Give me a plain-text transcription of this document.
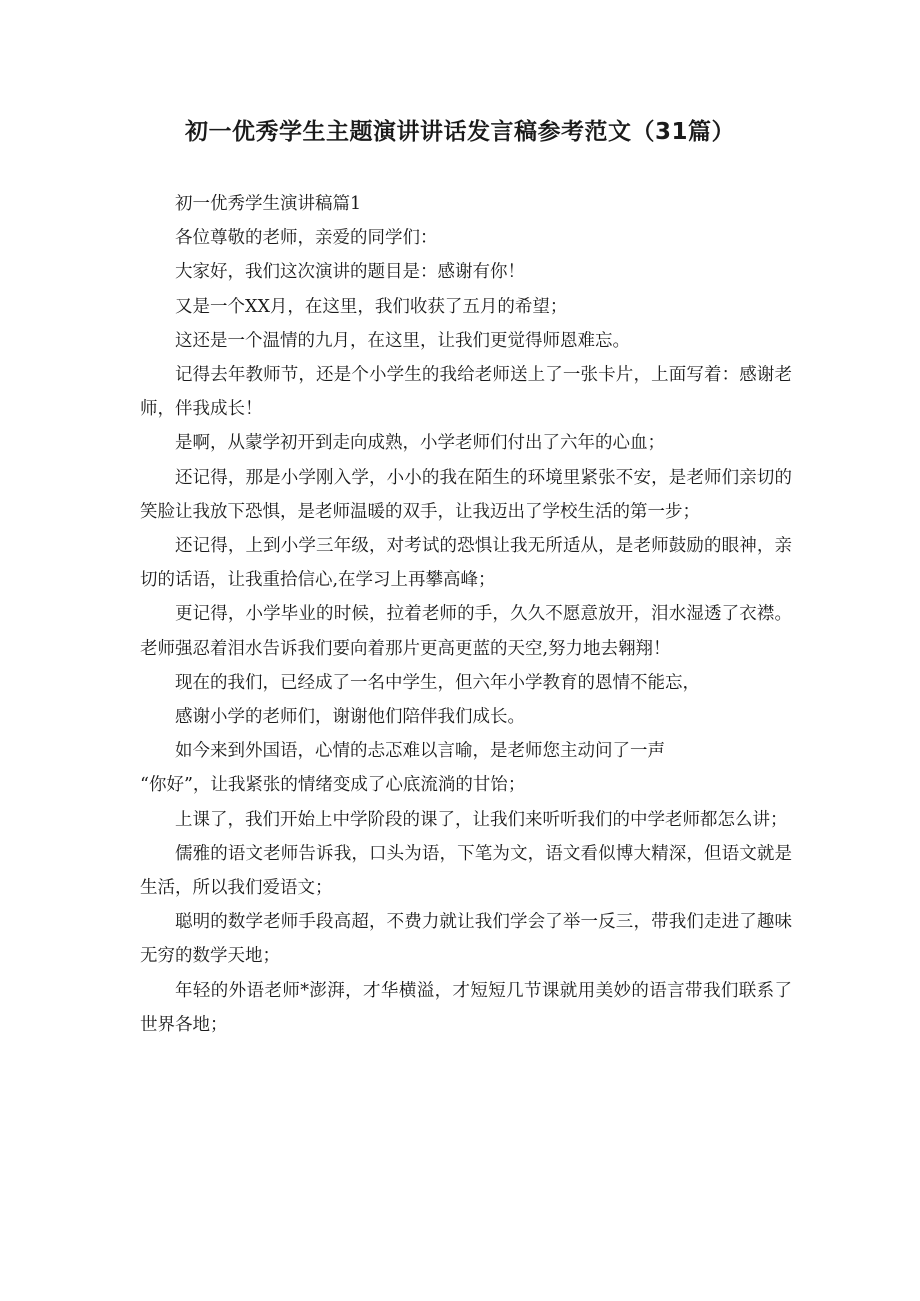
初一优秀学生主题演讲讲话发言稿参考范文（31篇）

初一优秀学生演讲稿篇1

各位尊敬的老师，亲爱的同学们：

大家好，我们这次演讲的题目是：感谢有你！

又是一个XX月，在这里，我们收获了五月的希望；

这还是一个温情的九月，在这里，让我们更觉得师恩难忘。

记得去年教师节，还是个小学生的我给老师送上了一张卡片，上面写着：感谢老师，伴我成长！

是啊，从蒙学初开到走向成熟，小学老师们付出了六年的心血；

还记得，那是小学刚入学，小小的我在陌生的环境里紧张不安，是老师们亲切的笑脸让我放下恐惧，是老师温暖的双手，让我迈出了学校生活的第一步；

还记得，上到小学三年级，对考试的恐惧让我无所适从，是老师鼓励的眼神，亲切的话语，让我重拾信心,在学习上再攀高峰；

更记得，小学毕业的时候，拉着老师的手，久久不愿意放开，泪水湿透了衣襟。老师强忍着泪水告诉我们要向着那片更高更蓝的天空,努力地去翱翔！

现在的我们，已经成了一名中学生，但六年小学教育的恩情不能忘，

感谢小学的老师们，谢谢他们陪伴我们成长。

如今来到外国语，心情的忐忑难以言喻，是老师您主动问了一声

“你好”，让我紧张的情绪变成了心底流淌的甘饴；

上课了，我们开始上中学阶段的课了，让我们来听听我们的中学老师都怎么讲；

儒雅的语文老师告诉我，口头为语，下笔为文，语文看似博大精深，但语文就是生活，所以我们爱语文；

聪明的数学老师手段高超，不费力就让我们学会了举一反三，带我们走进了趣味无穷的数学天地；

年轻的外语老师*澎湃，才华横溢，才短短几节课就用美妙的语言带我们联系了世界各地；
